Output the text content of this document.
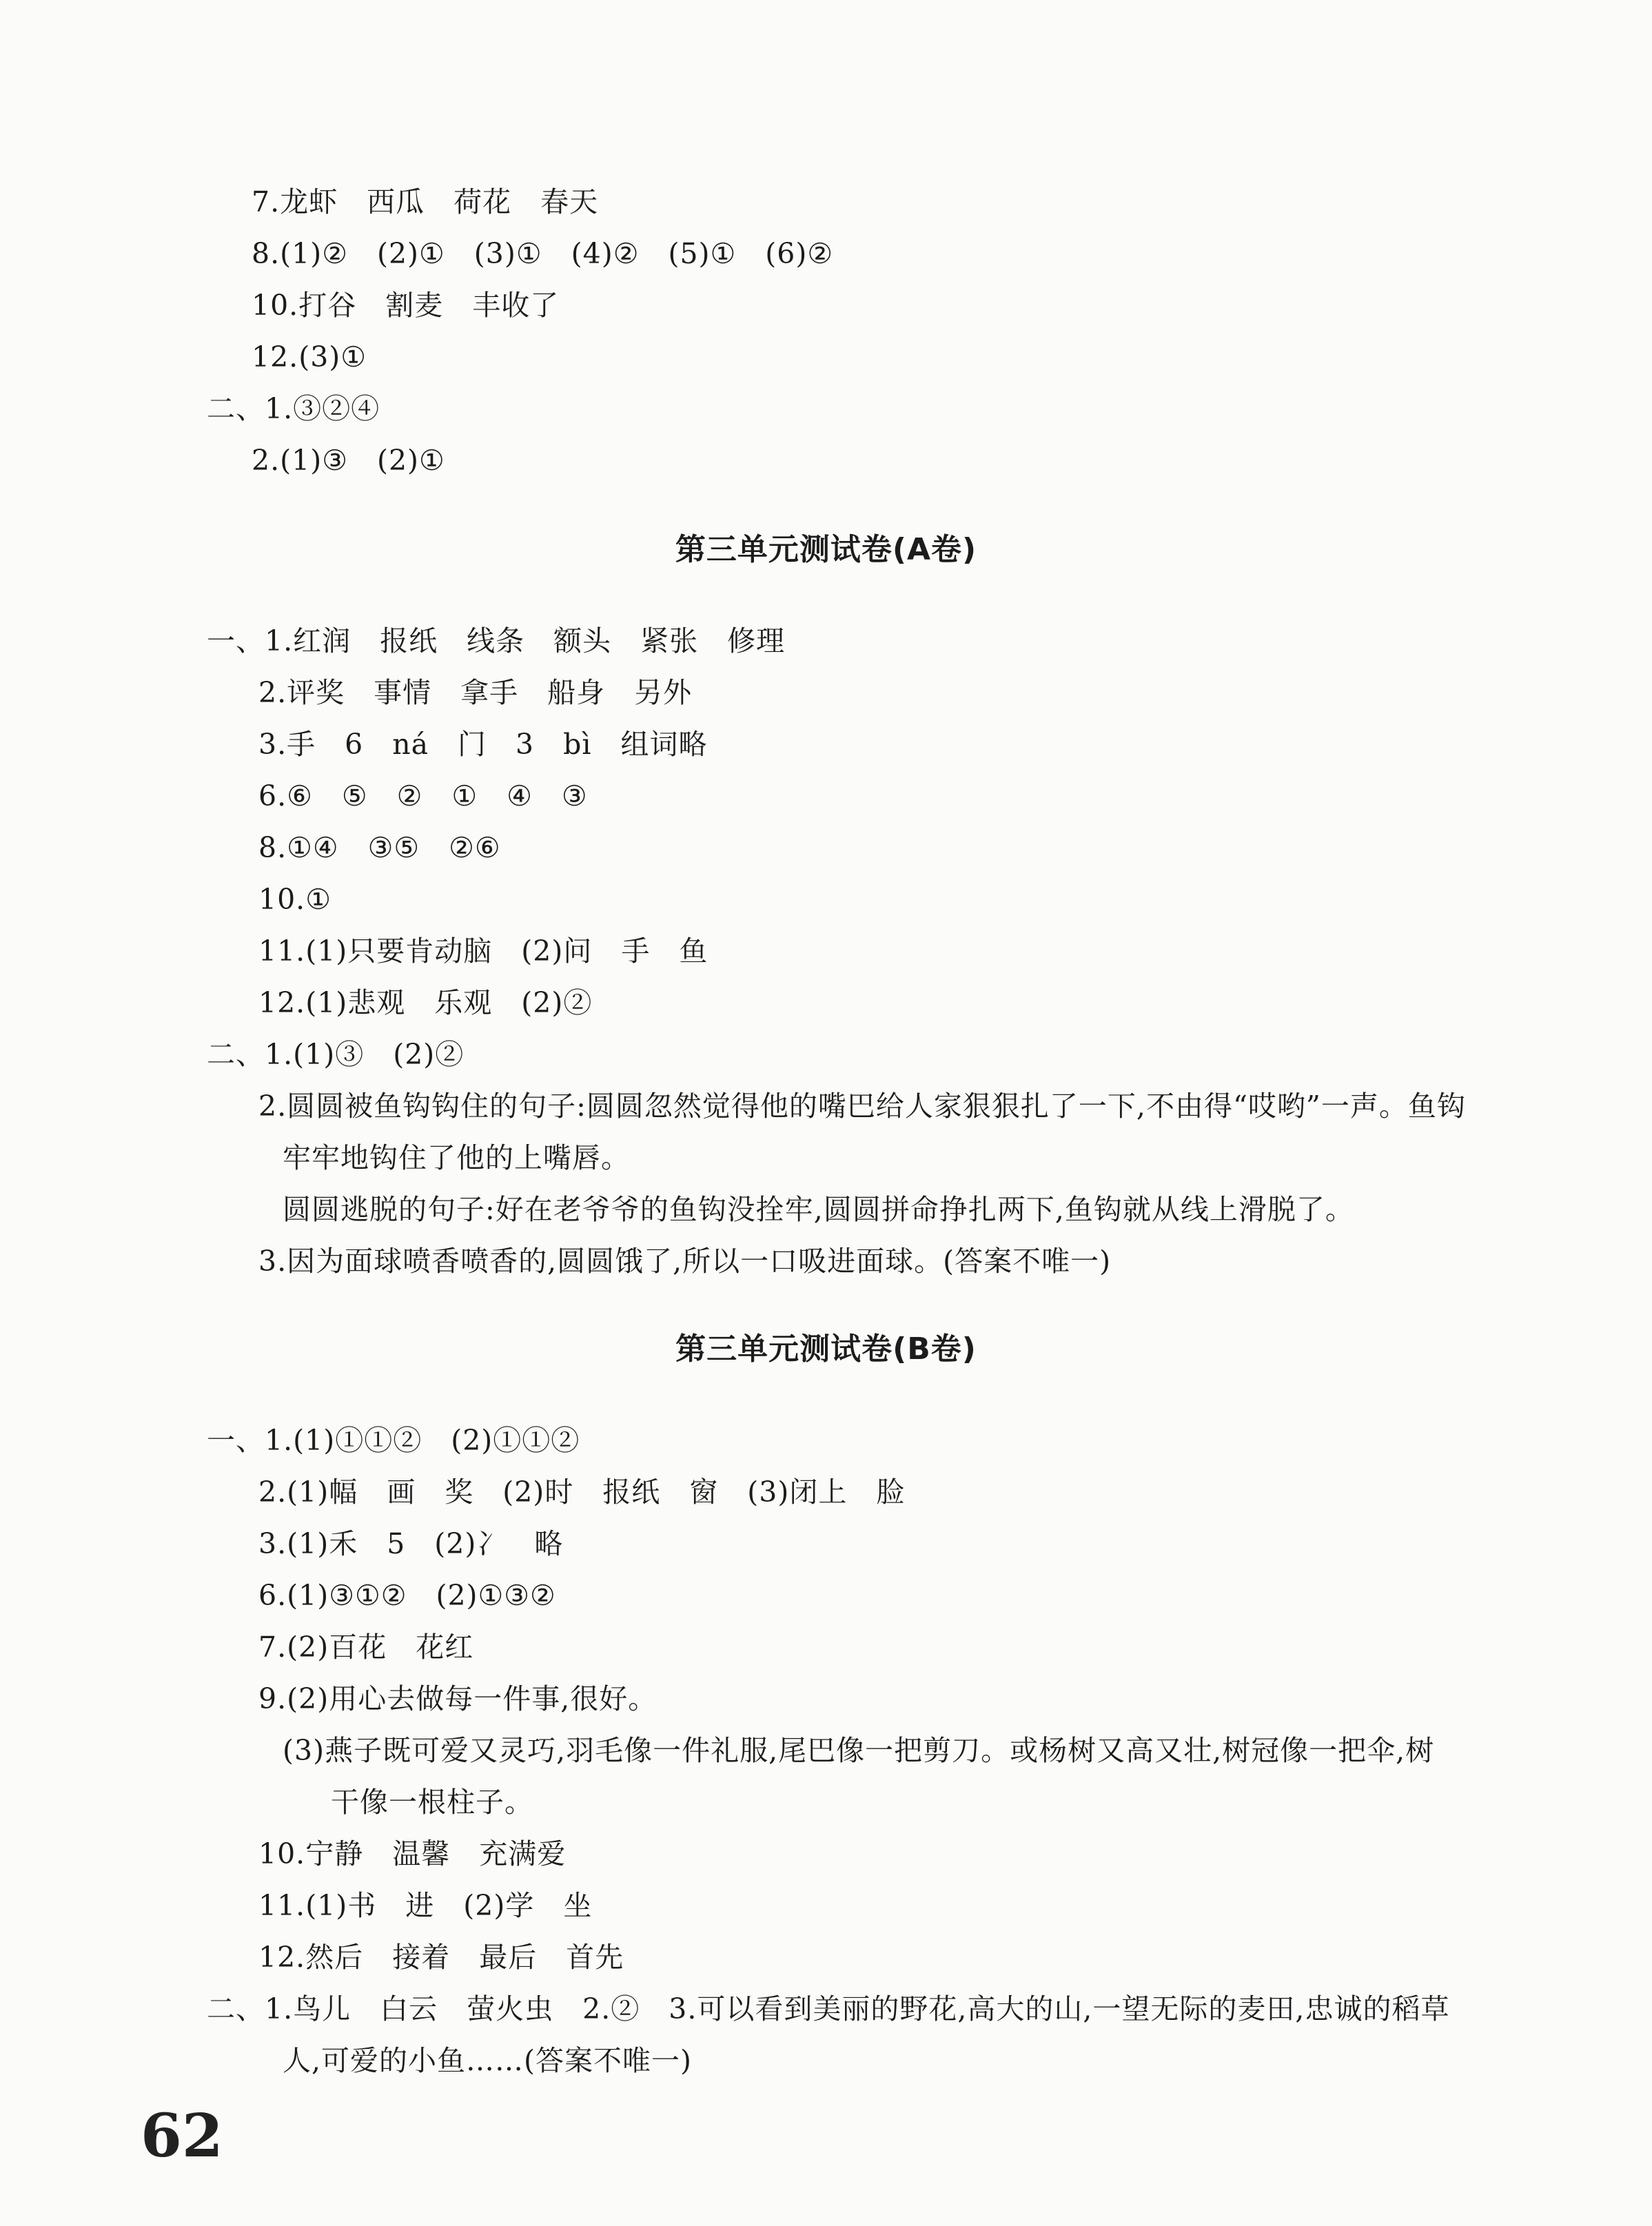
7.龙虾　西瓜　荷花　春天
8.(1)②　(2)①　(3)①　(4)②　(5)①　(6)②
10.打谷　割麦　丰收了
12.(3)①
二、1.③②④
2.(1)③　(2)①
第三单元测试卷(A卷)
一、1.红润　报纸　线条　额头　紧张　修理
2.评奖　事情　拿手　船身　另外
3.手　6　ná　门　3　bì　组词略
6.⑥　⑤　②　①　④　③
8.①④　③⑤　②⑥
10.①
11.(1)只要肯动脑　(2)问　手　鱼
12.(1)悲观　乐观　(2)②
二、1.(1)③　(2)②
2.圆圆被鱼钩钩住的句子:圆圆忽然觉得他的嘴巴给人家狠狠扎了一下,不由得“哎哟”一声。鱼钩
牢牢地钩住了他的上嘴唇。
圆圆逃脱的句子:好在老爷爷的鱼钩没拴牢,圆圆拼命挣扎两下,鱼钩就从线上滑脱了。
3.因为面球喷香喷香的,圆圆饿了,所以一口吸进面球。(答案不唯一)
第三单元测试卷(B卷)
一、1.(1)①①②　(2)①①②
2.(1)幅　画　奖　(2)时　报纸　窗　(3)闭上　脸
3.(1)禾　5　(2)冫　略
6.(1)③①②　(2)①③②
7.(2)百花　花红
9.(2)用心去做每一件事,很好。
(3)燕子既可爱又灵巧,羽毛像一件礼服,尾巴像一把剪刀。或杨树又高又壮,树冠像一把伞,树
干像一根柱子。
10.宁静　温馨　充满爱
11.(1)书　进　(2)学　坐
12.然后　接着　最后　首先
二、1.鸟儿　白云　萤火虫　2.②　3.可以看到美丽的野花,高大的山,一望无际的麦田,忠诚的稻草
人,可爱的小鱼……(答案不唯一)
62
